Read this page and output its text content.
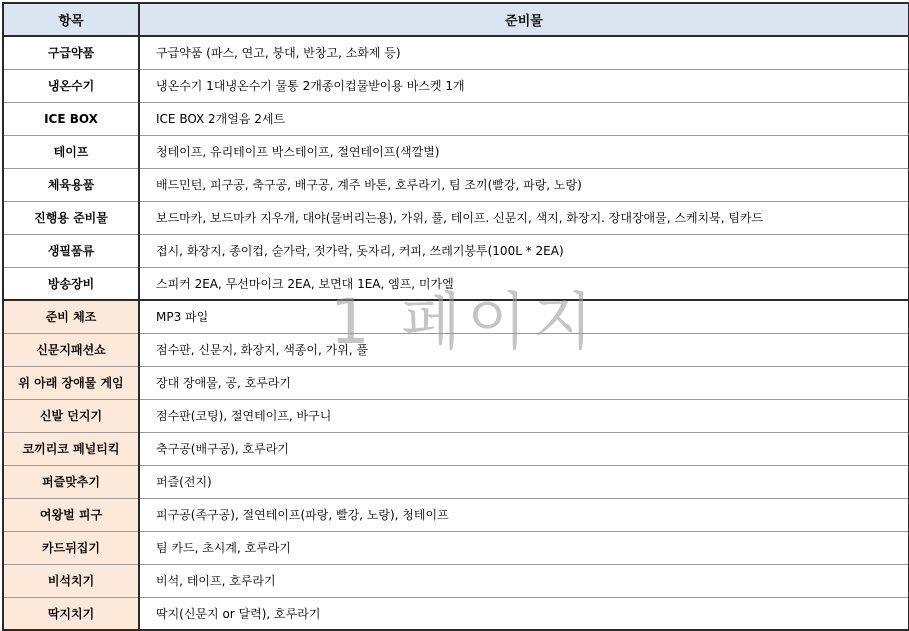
항목	준비물
구급약품	구급약품 (파스, 연고, 붕대, 반창고, 소화제 등)
냉온수기	냉온수기 1대냉온수기 물통 2개종이컵물받이용 바스켓 1개
ICE BOX	ICE BOX 2개얼음 2세트
테이프	청테이프, 유리테이프 박스테이프, 절연테이프(색깔별)
체육용품	배드민턴, 피구공, 축구공, 배구공, 계주 바톤, 호루라기, 팀 조끼(빨강, 파랑, 노랑)
진행용 준비물	보드마카, 보드마카 지우개, 대야(물버리는용), 가위, 풀, 테이프. 신문지, 색지, 화장지. 장대장애물, 스케치북, 팀카드
생필품류	접시, 화장지, 종이컵, 숟가락, 젓가락, 돗자리, 커피, 쓰레기봉투(100L * 2EA)
방송장비	스피커 2EA, 무선마이크 2EA, 보면대 1EA, 엠프, 미가엘
준비 체조	MP3 파일
신문지패션쇼	점수판, 신문지, 화장지, 색종이, 가위, 풀
위 아래 장애물 게임	장대 장애물, 공, 호루라기
신발 던지기	점수판(코팅), 절연테이프, 바구니
코끼리코 페널티킥	축구공(배구공), 호루라기
퍼즐맞추기	퍼즐(전지)
여왕벌 피구	피구공(족구공), 절연테이프(파랑, 빨강, 노랑), 청테이프
카드뒤집기	팀 카드, 초시계, 호루라기
비석치기	비석, 테이프, 호루라기
딱지치기	딱지(신문지 or 달력), 호루라기
1 페이지
